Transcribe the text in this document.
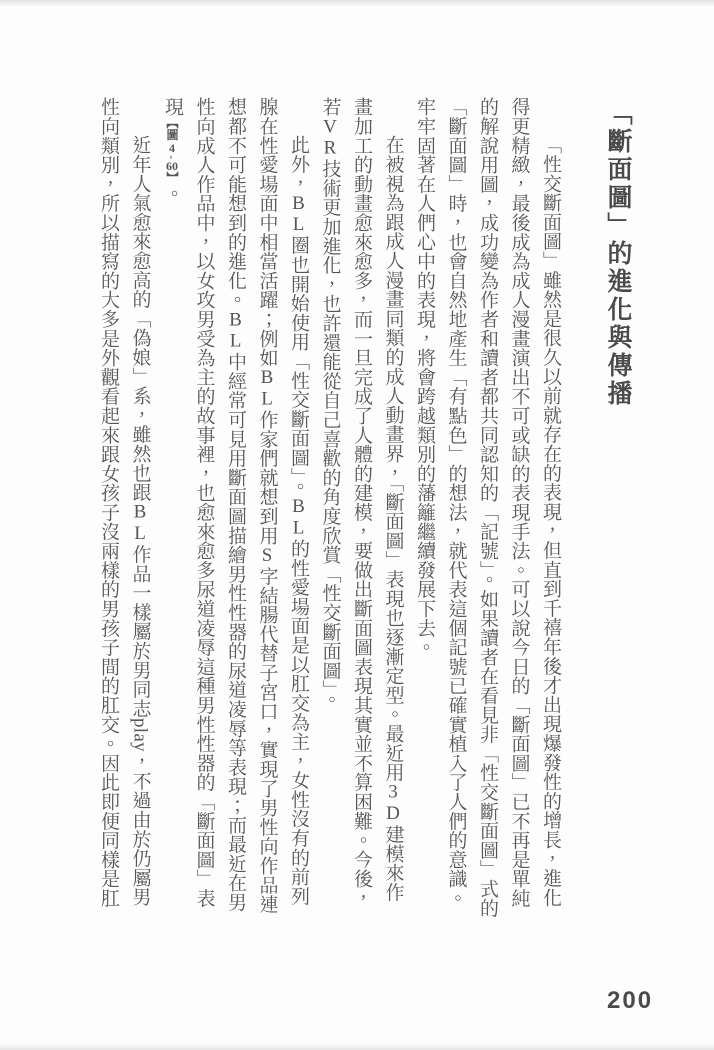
「斷面圖」的進化與傳播

「性交斷面圖」雖然是很久以前就存在的表現，但直到千禧年後才出現爆發性的增長，進化得更精緻，最後成為成人漫畫演出不可或缺的表現手法。可以說今日的「斷面圖」已不再是單純的解說用圖，成功變為作者和讀者都共同認知的「記號」。如果讀者在看見非「性交斷面圖」式的「斷面圖」時，也會自然地產生「有點色」的想法，就代表這個記號已確實植入了人們的意識。牢牢固著在人們心中的表現，將會跨越類別的藩籬繼續發展下去。

在被視為跟成人漫畫同類的成人動畫界，「斷面圖」表現也逐漸定型。最近用3D建模來作畫加工的動畫愈來愈多，而一旦完成了人體的建模，要做出斷面圖表現其實並不算困難。今後，若VR技術更加進化，也許還能從自己喜歡的角度欣賞「性交斷面圖」。

此外，BL圈也開始使用「性交斷面圖」。BL的性愛場面是以肛交為主，女性沒有的前列腺在性愛場面中相當活躍；例如BL作家們就想到用S字結腸代替子宮口，實現了男性向作品連想都不可能想到的進化。BL中經常可見用斷面圖描繪男性性器的尿道凌辱等表現；而最近在男性向成人作品中，以女攻男受為主的故事裡，也愈來愈多尿道凌辱這種男性性器的「斷面圖」表現【圖4-60】。

近年人氣愈來愈高的「偽娘」系，雖然也跟BL作品一樣屬於男同志play，不過由於仍屬男性向類別，所以描寫的大多是外觀看起來跟女孩子沒兩樣的男孩子間的肛交。因此即便同樣是肛

200
